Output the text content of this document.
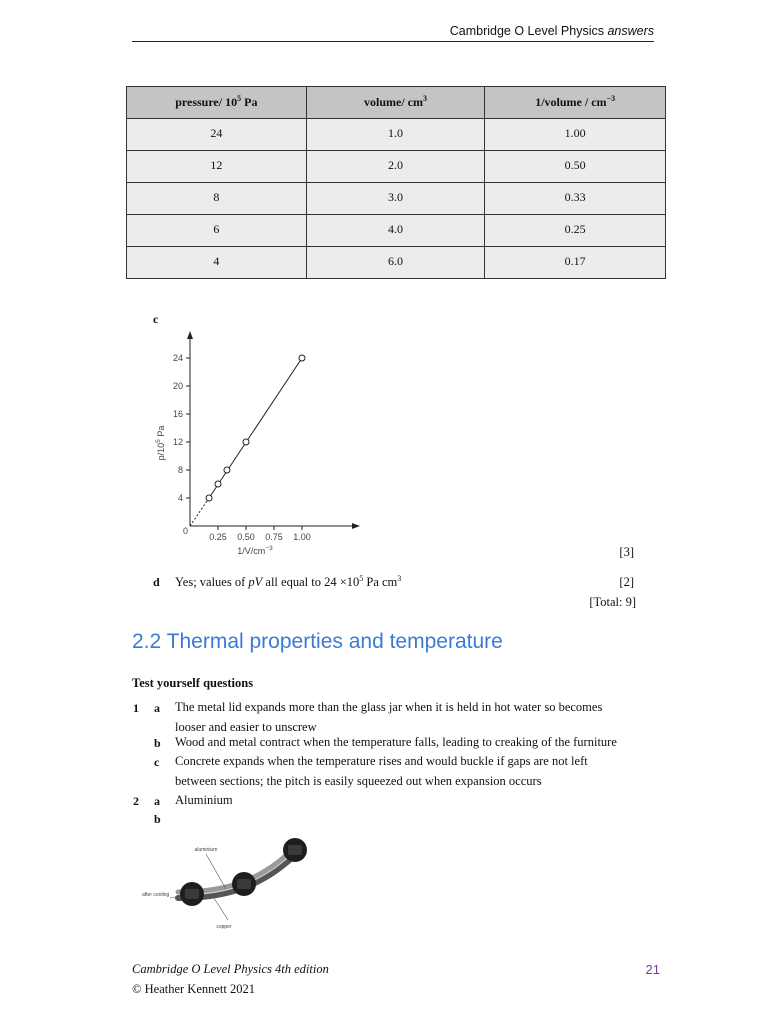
Cambridge O Level Physics answers
pressure/ $10^5$ Pa	volume/ $cm^3$	1/volume / $cm^{-3}$
24	1.0	1.00
12	2.0	0.50
8	3.0	0.33
6	4.0	0.25
4	6.0	0.17
c
4
8
12
16
20
24
0.25 0.50 0.75 1.00
0
$1/V/cm^{-3}$
$p/10^5$ Pa
[3]
d Yes; values of pV all equal to $24 \times 10^5$ Pa $cm^3$	[2]
[Total: 9]
2.2 Thermal properties and temperature
Test yourself questions
1 a The metal lid expands more than the glass jar when it is held in hot water so becomes
looser and easier to unscrew
b Wood and metal contract when the temperature falls, leading to creaking of the furniture
c Concrete expands when the temperature rises and would buckle if gaps are not left
between sections; the pitch is easily squeezed out when expansion occurs
2 a Aluminium
b
aluminium
after cooling
copper
Cambridge O Level Physics 4th edition
© Heather Kennett 2021
21
